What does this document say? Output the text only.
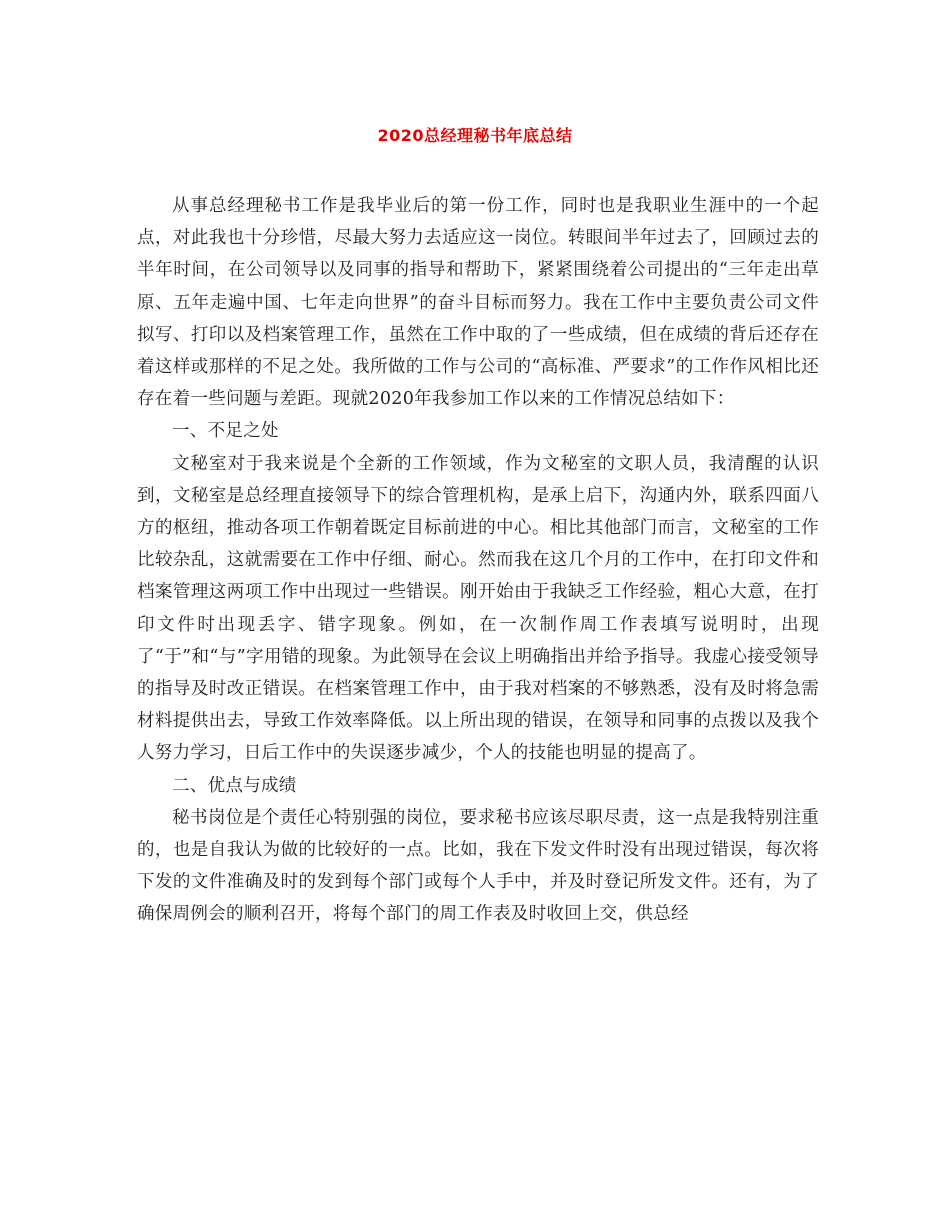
2020总经理秘书年底总结

从事总经理秘书工作是我毕业后的第一份工作，同时也是我职业生涯中的一个起点，对此我也十分珍惜，尽最大努力去适应这一岗位。转眼间半年过去了，回顾过去的半年时间，在公司领导以及同事的指导和帮助下，紧紧围绕着公司提出的“三年走出草原、五年走遍中国、七年走向世界”的奋斗目标而努力。我在工作中主要负责公司文件拟写、打印以及档案管理工作，虽然在工作中取的了一些成绩，但在成绩的背后还存在着这样或那样的不足之处。我所做的工作与公司的“高标准、严要求”的工作作风相比还存在着一些问题与差距。现就2020年我参加工作以来的工作情况总结如下：

一、不足之处

文秘室对于我来说是个全新的工作领域，作为文秘室的文职人员，我清醒的认识到，文秘室是总经理直接领导下的综合管理机构，是承上启下，沟通内外，联系四面八方的枢纽，推动各项工作朝着既定目标前进的中心。相比其他部门而言，文秘室的工作比较杂乱，这就需要在工作中仔细、耐心。然而我在这几个月的工作中，在打印文件和档案管理这两项工作中出现过一些错误。刚开始由于我缺乏工作经验，粗心大意，在打印文件时出现丢字、错字现象。例如，在一次制作周工作表填写说明时，出现了“于”和“与”字用错的现象。为此领导在会议上明确指出并给予指导。我虚心接受领导的指导及时改正错误。在档案管理工作中，由于我对档案的不够熟悉，没有及时将急需材料提供出去，导致工作效率降低。以上所出现的错误，在领导和同事的点拨以及我个人努力学习，日后工作中的失误逐步减少，个人的技能也明显的提高了。

二、优点与成绩

秘书岗位是个责任心特别强的岗位，要求秘书应该尽职尽责，这一点是我特别注重的，也是自我认为做的比较好的一点。比如，我在下发文件时没有出现过错误，每次将下发的文件准确及时的发到每个部门或每个人手中，并及时登记所发文件。还有，为了确保周例会的顺利召开，将每个部门的周工作表及时收回上交，供总经
